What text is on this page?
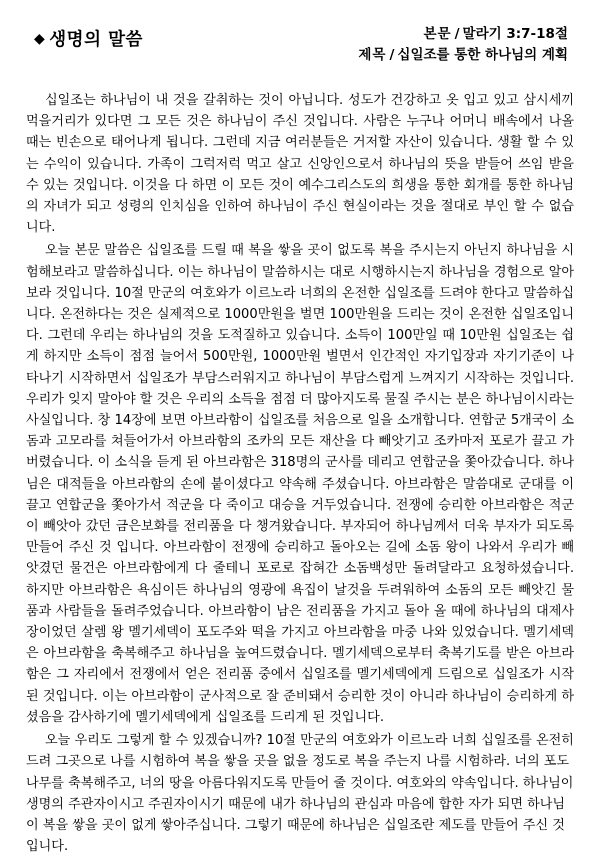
◆ 생명의 말씀	본문 / 말라기 3:7-18절
제목 / 십일조를 통한 하나님의 계획

십일조는 하나님이 내 것을 갈취하는 것이 아닙니다. 성도가 건강하고 옷 입고 있고 삼시세끼 먹을거리가 있다면 그 모든 것은 하나님이 주신 것입니다. 사람은 누구나 어머니 배속에서 나올 때는 빈손으로 태어나게 됩니다. 그런데 지금 여러분들은 거저할 자산이 있습니다. 생활 할 수 있는 수익이 있습니다. 가족이 그럭저럭 먹고 살고 신앙인으로서 하나님의 뜻을 받들어 쓰임 받을 수 있는 것입니다. 이것을 다 하면 이 모든 것이 예수그리스도의 희생을 통한 회개를 통한 하나님의 자녀가 되고 성령의 인치심을 인하여 하나님이 주신 현실이라는 것을 절대로 부인 할 수 없습니다.

오늘 본문 말씀은 십일조를 드릴 때 복을 쌓을 곳이 없도록 복을 주시는지 아닌지 하나님을 시험해보라고 말씀하십니다. 이는 하나님이 말씀하시는 대로 시행하시는지 하나님을 경험으로 알아보라 것입니다. 10절 만군의 여호와가 이르노라 너희의 온전한 십일조를 드려야 한다고 말씀하십니다. 온전하다는 것은 실제적으로 1000만원을 벌면 100만원을 드리는 것이 온전한 십일조입니다. 그런데 우리는 하나님의 것을 도적질하고 있습니다. 소득이 100만일 때 10만원 십일조는 쉽게 하지만 소득이 점점 늘어서 500만원, 1000만원 벌면서 인간적인 자기입장과 자기기준이 나타나기 시작하면서 십일조가 부담스러워지고 하나님이 부담스럽게 느껴지기 시작하는 것입니다. 우리가 잊지 말아야 할 것은 우리의 소득을 점점 더 많아지도록 물질 주시는 분은 하나님이시라는 사실입니다. 창 14장에 보면 아브라함이 십일조를 처음으로 일을 소개합니다. 연합군 5개국이 소돔과 고모라를 쳐들어가서 아브라함의 조카의 모든 재산을 다 빼앗기고 조카마저 포로가 끌고 가버렸습니다. 이 소식을 듣게 된 아브라함은 318명의 군사를 데리고 연합군을 쫓아갔습니다. 하나님은 대적들을 아브라함의 손에 붙이셨다고 약속해 주셨습니다. 아브라함은 말씀대로 군대를 이끌고 연합군을 쫓아가서 적군을 다 죽이고 대승을 거두었습니다. 전쟁에 승리한 아브라함은 적군이 빼앗아 갔던 금은보화를 전리품을 다 챙겨왔습니다. 부자되어 하나님께서 더욱 부자가 되도록 만들어 주신 것 입니다. 아브라함이 전쟁에 승리하고 돌아오는 길에 소돔 왕이 나와서 우리가 빼앗겼던 물건은 아브라함에게 다 줄테니 포로로 잡혀간 소돔백성만 돌려달라고 요청하셨습니다. 하지만 아브라함은 욕심이든 하나님의 영광에 욕집이 날것을 두려워하여 소돔의 모든 빼앗긴 물품과 사람들을 돌려주었습니다. 아브라함이 남은 전리품을 가지고 돌아 올 때에 하나님의 대제사장이었던 살렘 왕 멜기세덱이 포도주와 떡을 가지고 아브라함을 마중 나와 있었습니다. 멜기세덱은 아브라함을 축복해주고 하나님을 높여드렸습니다. 멜기세덱으로부터 축복기도를 받은 아브라함은 그 자리에서 전쟁에서 얻은 전리품 중에서 십일조를 멜기세덱에게 드림으로 십일조가 시작된 것입니다. 이는 아브라함이 군사적으로 잘 준비돼서 승리한 것이 아니라 하나님이 승리하게 하셨음을 감사하기에 멜기세덱에게 십일조를 드리게 된 것입니다.

오늘 우리도 그렇게 할 수 있겠습니까? 10절 만군의 여호와가 이르노라 너희 십일조를 온전히 드려 그곳으로 나를 시험하여 복을 쌓을 곳을 없을 정도로 복을 주는지 나를 시험하라. 너의 포도나무를 축복해주고, 너의 땅을 아름다워지도록 만들어 줄 것이다. 여호와의 약속입니다. 하나님이 생명의 주관자이시고 주권자이시기 때문에 내가 하나님의 관심과 마음에 합한 자가 되면 하나님이 복을 쌓을 곳이 없게 쌓아주십니다. 그렇기 때문에 하나님은 십일조란 제도를 만들어 주신 것입니다.
